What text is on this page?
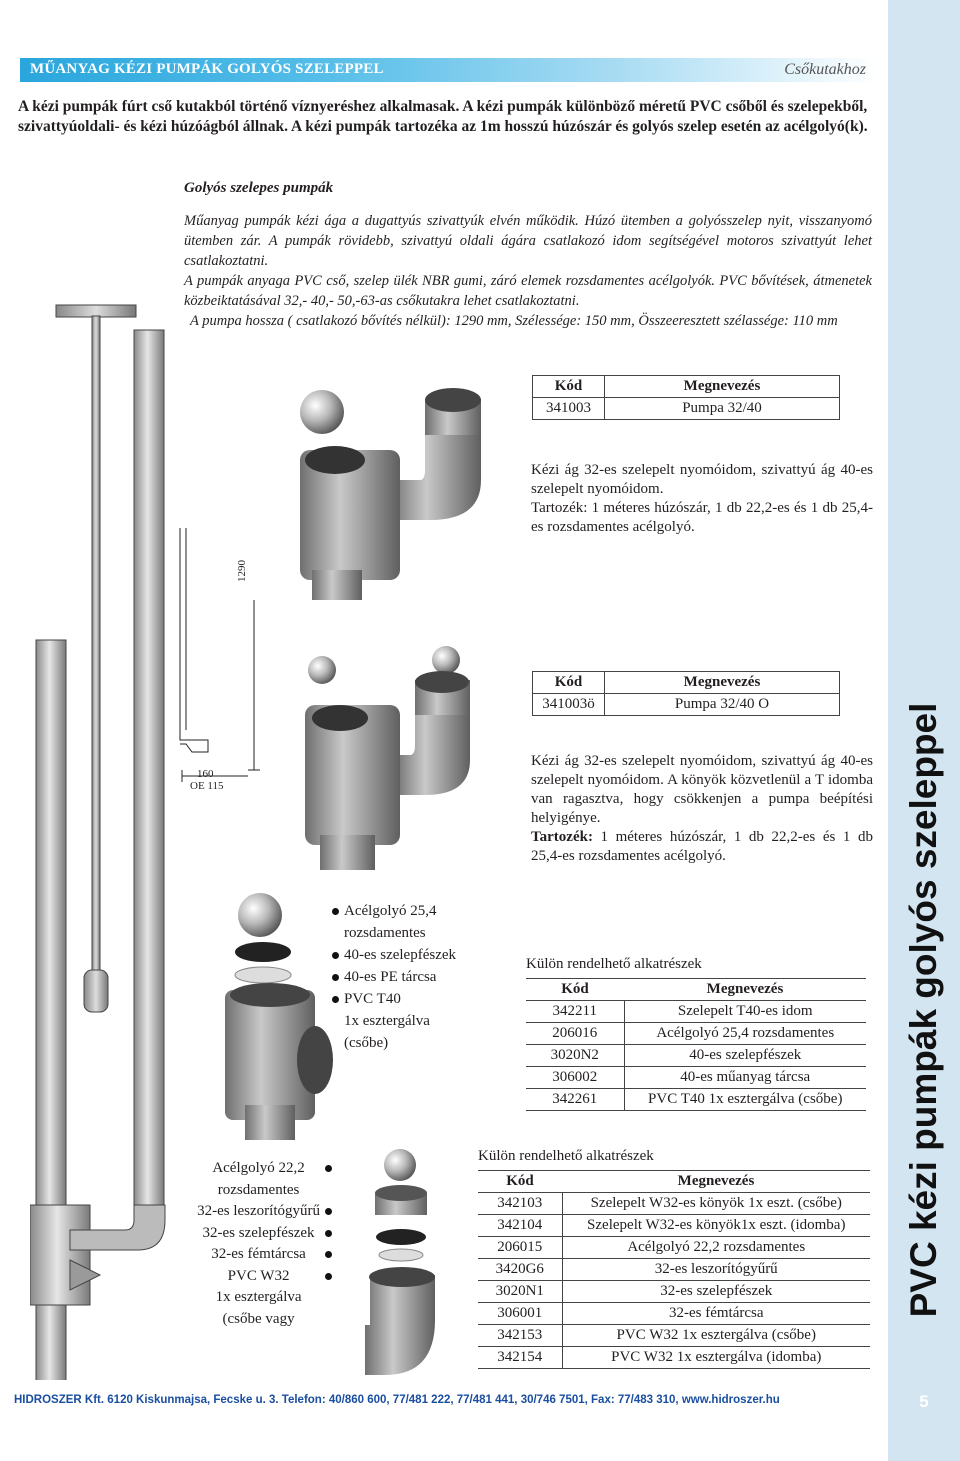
PVC kézi pumpák golyós szeleppel
5
MŰANYAG KÉZI PUMPÁK GOLYÓS SZELEPPEL	Csőkutakhoz
A kézi pumpák fúrt cső kutakból történő víznyeréshez alkalmasak. A kézi pumpák különböző méretű PVC csőből és szelepekből, szivattyúoldali- és kézi húzóágból állnak. A kézi pumpák tartozéka az 1m hosszú húzószár és golyós szelep esetén az acélgolyó(k).
Golyós szelepes pumpák

Műanyag pumpák kézi ága a dugattyús szivattyúk elvén működik. Húzó ütemben a golyósszelep nyit, visszanyomó ütemben zár. A pumpák rövidebb, szivattyú oldali ágára csatlakozó idom segítségével motoros szivattyút lehet csatlakoztatni.

A pumpák anyaga PVC cső, szelep ülék NBR gumi, záró elemek rozsdamentes acélgolyók. PVC bővítések, átmenetek közbeiktatásával 32,- 40,- 50,-63-as csőkutakra lehet csatlakoztatni.

A pumpa hossza ( csatlakozó bővítés nélkül): 1290 mm, Szélessége: 150 mm, Összeeresztett szélassége: 110 mm

1290
160
OE 115
Kód	Megnevezés
341003	Pumpa 32/40
Kézi ág 32-es szelepelt nyomóidom, szivattyú ág 40-es szelepelt nyomóidom.
Tartozék: 1 méteres húzószár, 1 db 22,2-es és 1 db 25,4-es rozsdamentes acélgolyó.
Kód	Megnevezés
341003ö	Pumpa 32/40 O
Kézi ág 32-es szelepelt nyomóidom, szivattyú ág 40-es szelepelt nyomóidom. A könyök közvetlenül a T idomba van ragasztva, hogy csökkenjen a pumpa beépítési helyigénye.
Tartozék: 1 méteres húzószár, 1 db 22,2-es és 1 db 25,4-es rozsdamentes acélgolyó.
Acélgolyó 25,4
rozsdamentes
40-es szelepfészek
40-es PE tárcsa
PVC T40
1x esztergálva
(csőbe)
Külön rendelhető alkatrészek
Kód	Megnevezés
342211	Szelepelt T40-es idom
206016	Acélgolyó 25,4 rozsdamentes
3020N2	40-es szelepfészek
306002	40-es műanyag tárcsa
342261	PVC T40 1x esztergálva (csőbe)
Acélgolyó 22,2
rozsdamentes
32-es leszorítógyűrű
32-es szelepfészek
32-es fémtárcsa
PVC W32
1x esztergálva
(csőbe vagy
Külön rendelhető alkatrészek
Kód	Megnevezés
342103	Szelepelt W32-es könyök 1x eszt. (csőbe)
342104	Szelepelt W32-es könyök1x eszt. (idomba)
206015	Acélgolyó 22,2 rozsdamentes
3420G6	32-es leszorítógyűrű
3020N1	32-es szelepfészek
306001	32-es fémtárcsa
342153	PVC W32 1x esztergálva (csőbe)
342154	PVC W32 1x esztergálva (idomba)
HIDROSZER Kft. 6120 Kiskunmajsa, Fecske u. 3. Telefon: 40/860 600, 77/481 222, 77/481 441, 30/746 7501, Fax: 77/483 310, www.hidroszer.hu
